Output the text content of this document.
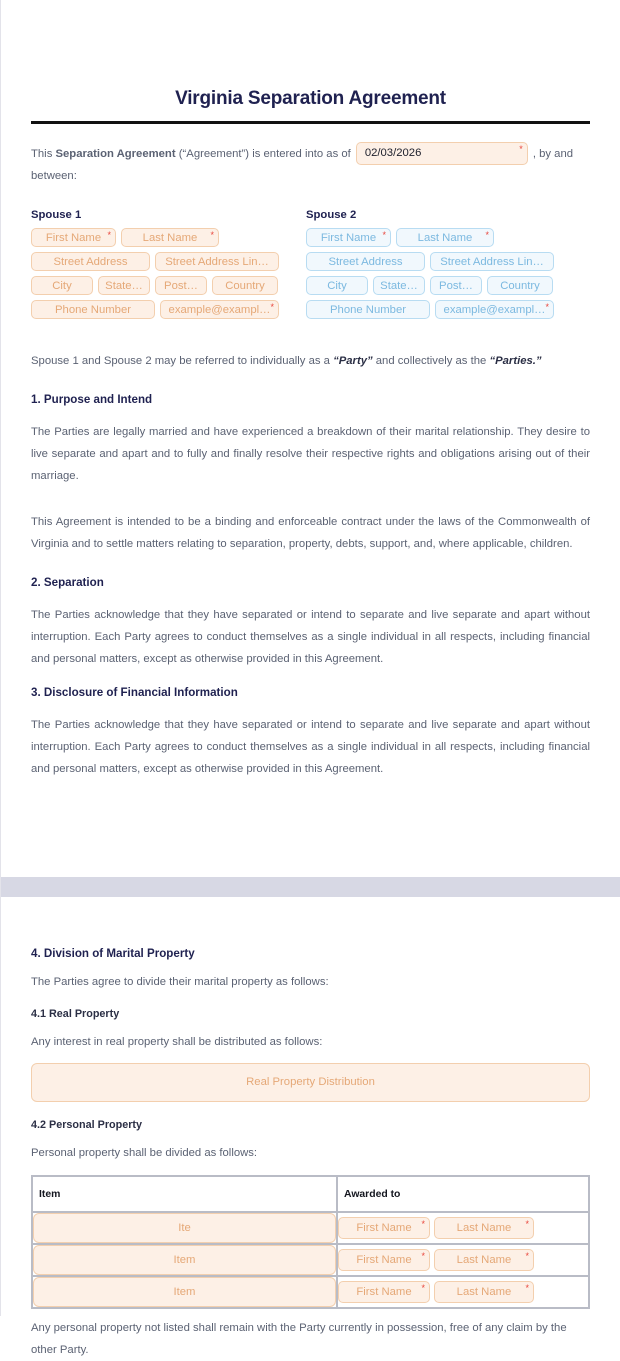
Virginia Separation Agreement
This Separation Agreement (“Agreement”) is entered into as of	02/03/2026	* , by and
between:
Spouse 1
First Name *	Last Name *
Street Address	Street Address Lin…
City	State…	Post…	Country
Phone Number	example@exampl… *
Spouse 2
First Name *	Last Name *
Street Address	Street Address Lin…
City	State…	Post…	Country
Phone Number	example@exampl… *

Spouse 1 and Spouse 2 may be referred to individually as a “Party” and collectively as the “Parties.”

1. Purpose and Intend

The Parties are legally married and have experienced a breakdown of their marital relationship. They desire to live separate and apart and to fully and finally resolve their respective rights and obligations arising out of their marriage.

This Agreement is intended to be a binding and enforceable contract under the laws of the Commonwealth of Virginia and to settle matters relating to separation, property, debts, support, and, where applicable, children.

2. Separation

The Parties acknowledge that they have separated or intend to separate and live separate and apart without interruption. Each Party agrees to conduct themselves as a single individual in all respects, including financial and personal matters, except as otherwise provided in this Agreement.

3. Disclosure of Financial Information

The Parties acknowledge that they have separated or intend to separate and live separate and apart without interruption. Each Party agrees to conduct themselves as a single individual in all respects, including financial and personal matters, except as otherwise provided in this Agreement.

4. Division of Marital Property

The Parties agree to divide their marital property as follows:

4.1 Real Property

Any interest in real property shall be distributed as follows:

Real Property Distribution
4.2 Personal Property

Personal property shall be divided as follows:

Item	Awarded to

Ite	First Name * Last Name *

Item	First Name * Last Name *

Item	First Name * Last Name *

Any personal property not listed shall remain with the Party currently in possession, free of any claim by the other Party.
